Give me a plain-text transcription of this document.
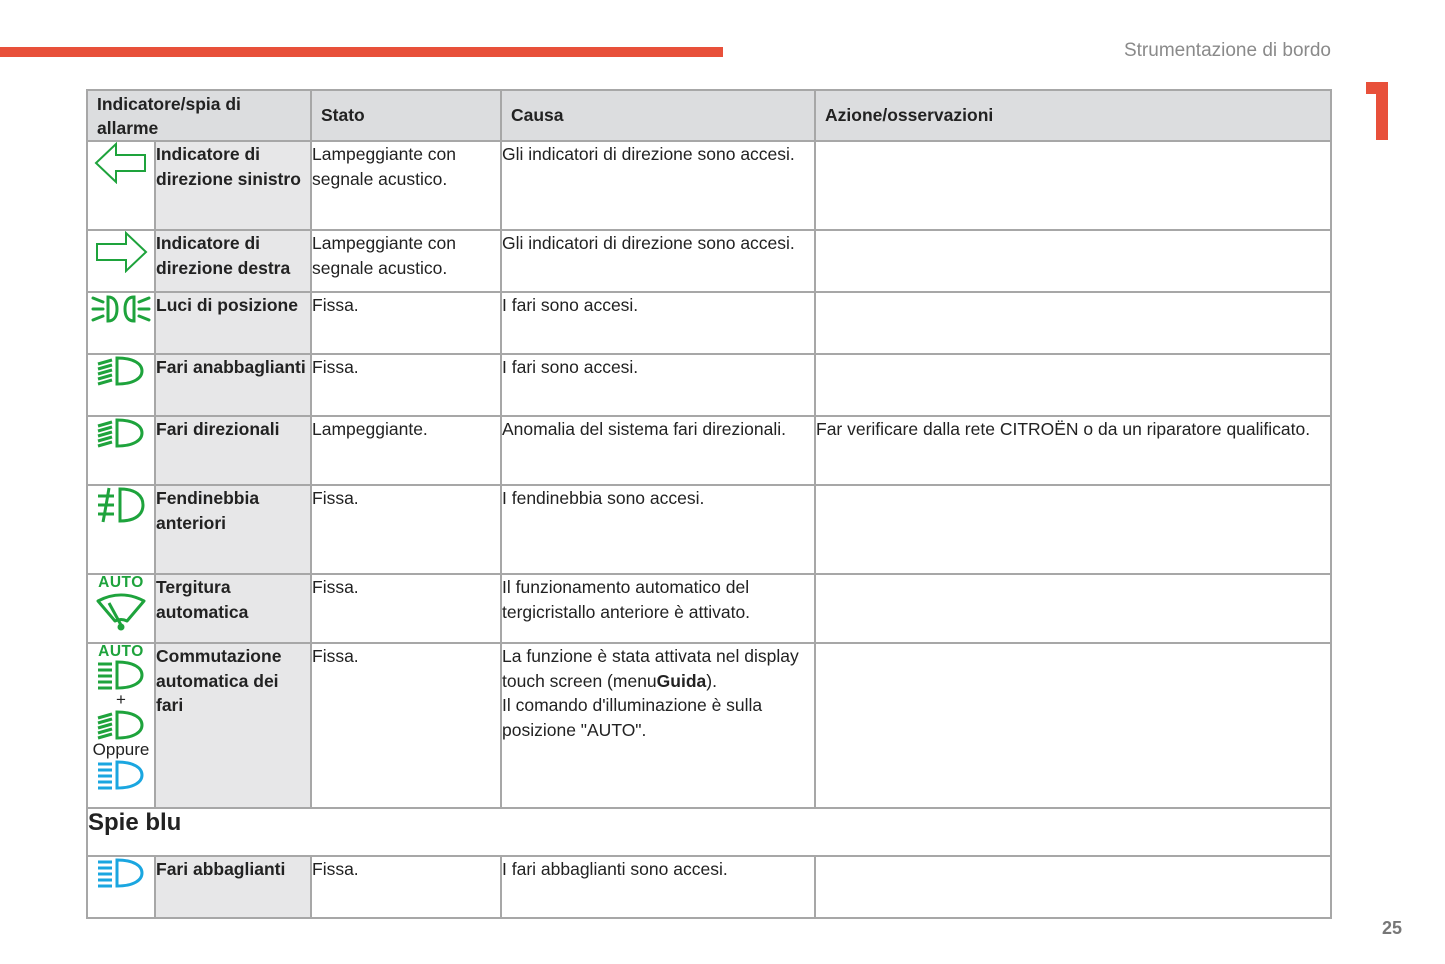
Strumentazione di bordo
Indicatore/spia di allarme		Stato	Causa	Azione/osservazioni

	Indicatore di direzione sinistro	Lampeggiante con segnale acustico.	Gli indicatori di direzione sono accesi.	

	Indicatore di direzione destra	Lampeggiante con segnale acustico.	Gli indicatori di direzione sono accesi.	

	Luci di posizione	Fissa.	I fari sono accesi.	

	Fari anabbaglianti	Fissa.	I fari sono accesi.	

	Fari direzionali	Lampeggiante.	Anomalia del sistema fari direzionali.	Far verificare dalla rete CITROËN o da un riparatore qualificato.

	Fendinebbia anteriori	Fissa.	I fendinebbia sono accesi.	

AUTO	Tergitura automatica	Fissa.	Il funzionamento automatico del tergicristallo anteriore è attivato.	

AUTO
+
Oppure	Commutazione automatica dei fari	Fissa.	La funzione è stata attivata nel display touch screen (menuGuida).
Il comando d'illuminazione è sulla posizione "AUTO".	
Spie blu				

	Fari abbaglianti	Fissa.	I fari abbaglianti sono accesi.	
25
